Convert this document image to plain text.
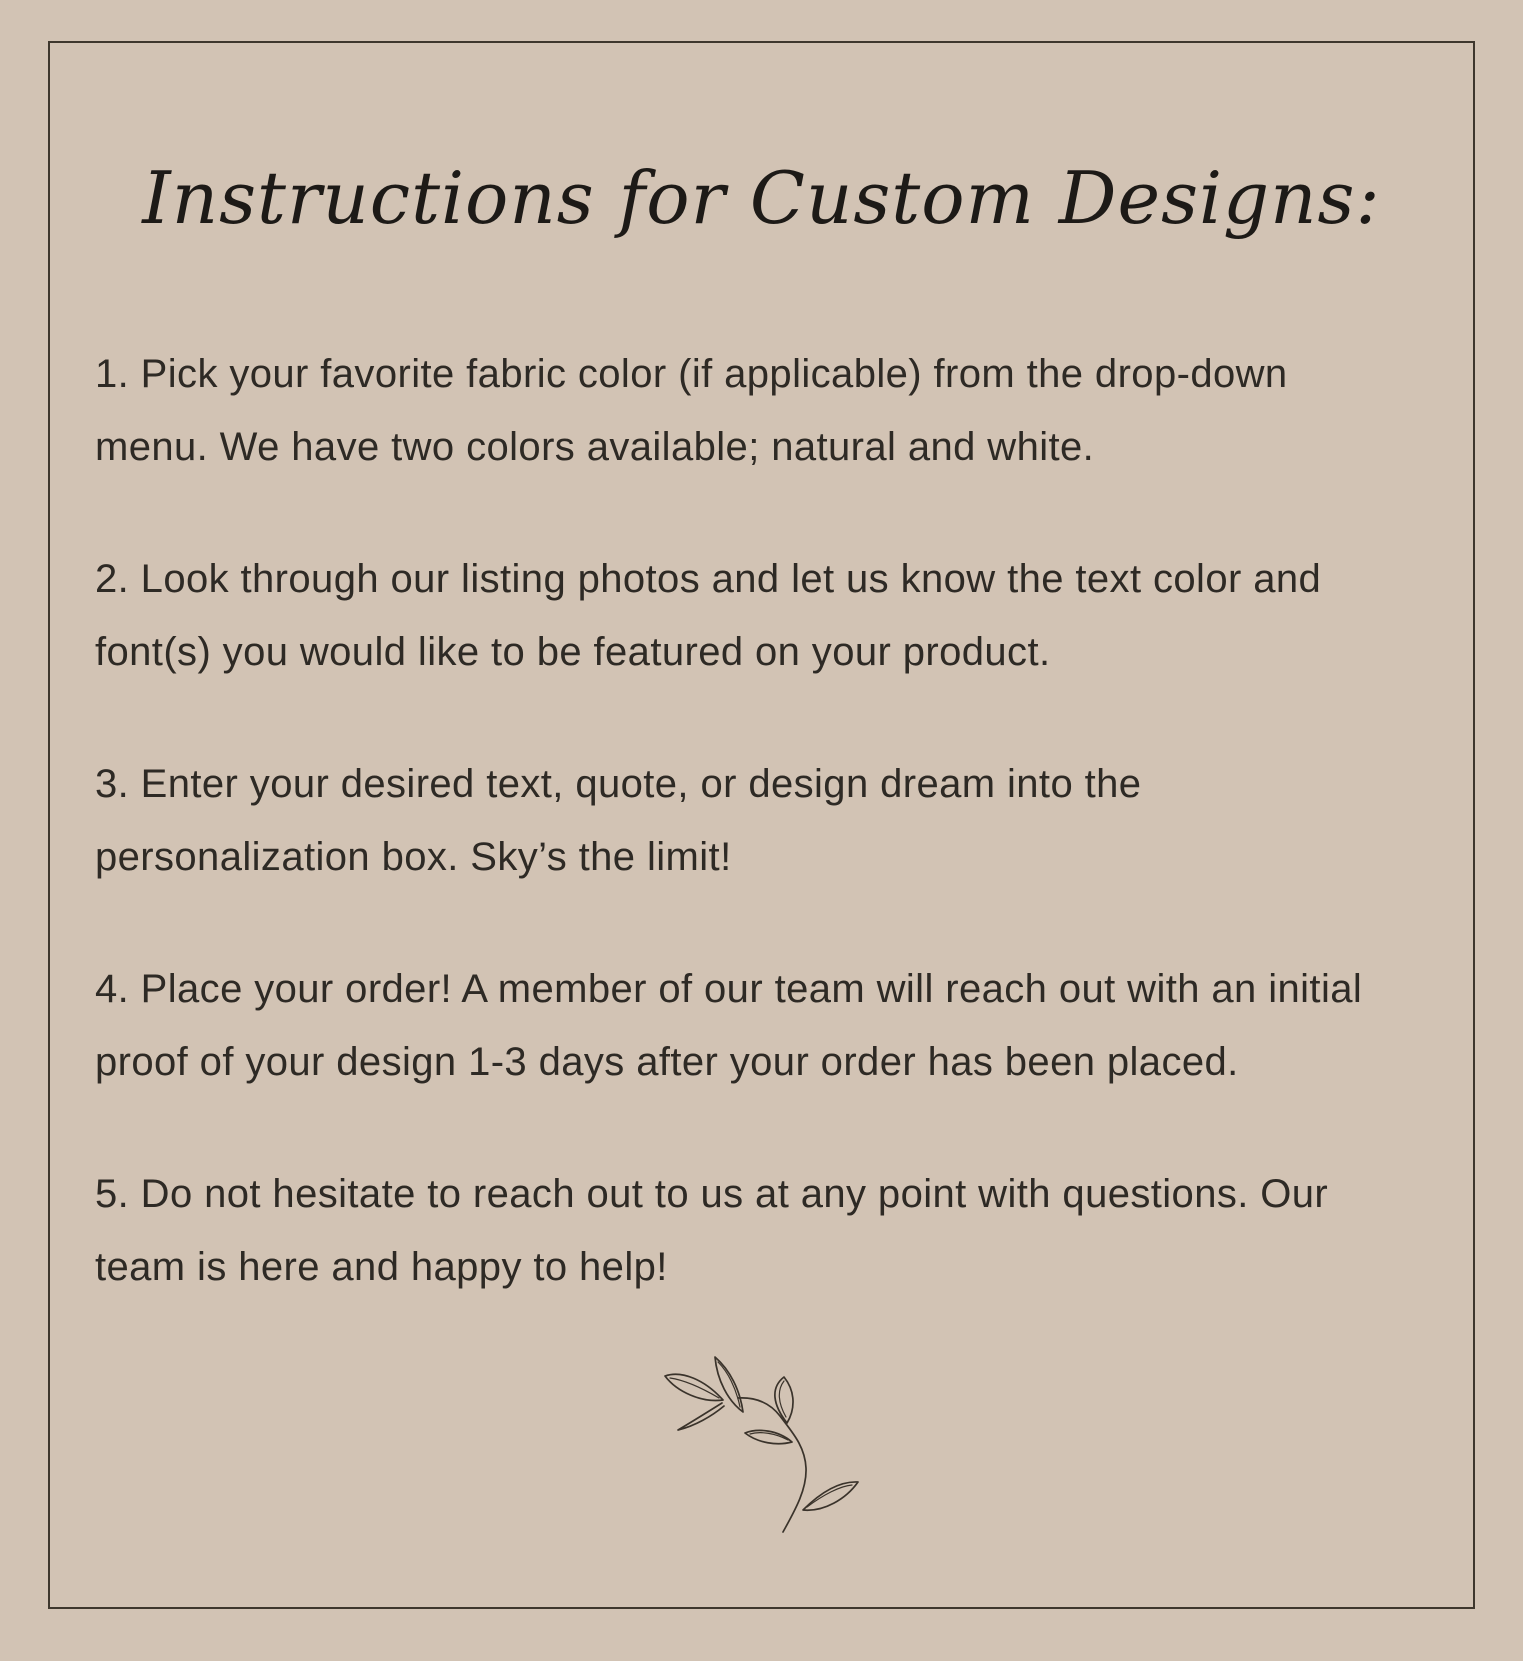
Instructions for Custom Designs:

1. Pick your favorite fabric color (if applicable) from the drop-down menu. We have two colors available; natural and white.

2. Look through our listing photos and let us know the text color and font(s) you would like to be featured on your product.

3. Enter your desired text, quote, or design dream into the personalization box. Sky’s the limit!

4. Place your order! A member of our team will reach out with an initial proof of your design 1-3 days after your order has been placed.

5. Do not hesitate to reach out to us at any point with questions. Our team is here and happy to help!
